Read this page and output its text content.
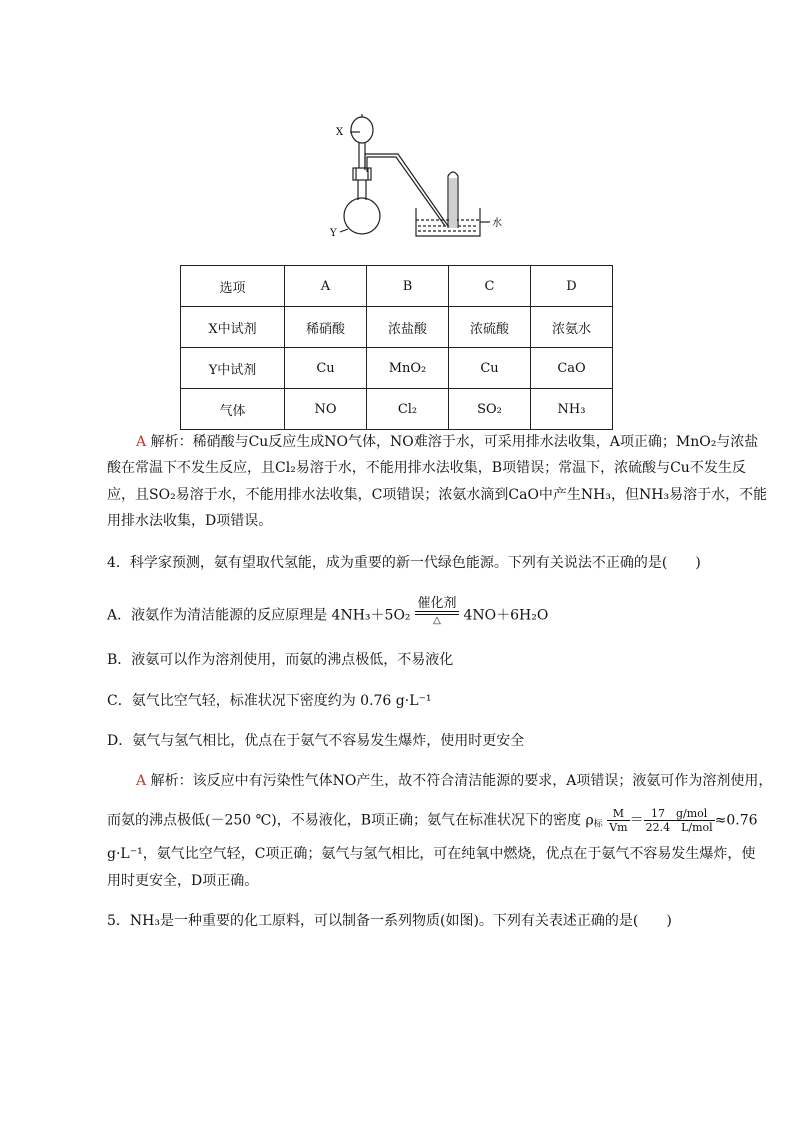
X
Y
水
选项	A	B	C	D
X中试剂	稀硝酸	浓盐酸	浓硫酸	浓氨水
Y中试剂	Cu	MnO₂	Cu	CaO
气体	NO	Cl₂	SO₂	NH₃
A 解析：稀硝酸与Cu反应生成NO气体，NO难溶于水，可采用排水法收集，A项正确；MnO₂与浓盐
酸在常温下不发生反应，且Cl₂易溶于水，不能用排水法收集，B项错误；常温下，浓硫酸与Cu不发生反
应，且SO₂易溶于水，不能用排水法收集，C项错误；浓氨水滴到CaO中产生NH₃，但NH₃易溶于水，不能
用排水法收集，D项错误。
4．科学家预测，氨有望取代氢能，成为重要的新一代绿色能源。下列有关说法不正确的是(　　)
A．液氨作为清洁能源的反应原理是 4NH₃＋5O₂
催化剂
△	4NO＋6H₂O
B．液氨可以作为溶剂使用，而氨的沸点极低，不易液化
C．氨气比空气轻，标准状况下密度约为 0.76 g·L⁻¹
D．氨气与氢气相比，优点在于氨气不容易发生爆炸，使用时更安全
A 解析：该反应中有污染性气体NO产生，故不符合清洁能源的要求，A项错误；液氨可作为溶剂使用，
而氨的沸点极低(－250 ℃)，不易液化，B项正确；氨气在标准状况下的密度 $\rho_标 \frac{M}{Vm} = \frac{\text{17　g/mol}}{\text{22.4　L/mol}} \approx 0.76$
g·L⁻¹，氨气比空气轻，C项正确；氨气与氢气相比，可在纯氧中燃烧，优点在于氨气不容易发生爆炸，使
用时更安全，D项正确。
5．NH₃是一种重要的化工原料，可以制备一系列物质(如图)。下列有关表述正确的是(　　)
